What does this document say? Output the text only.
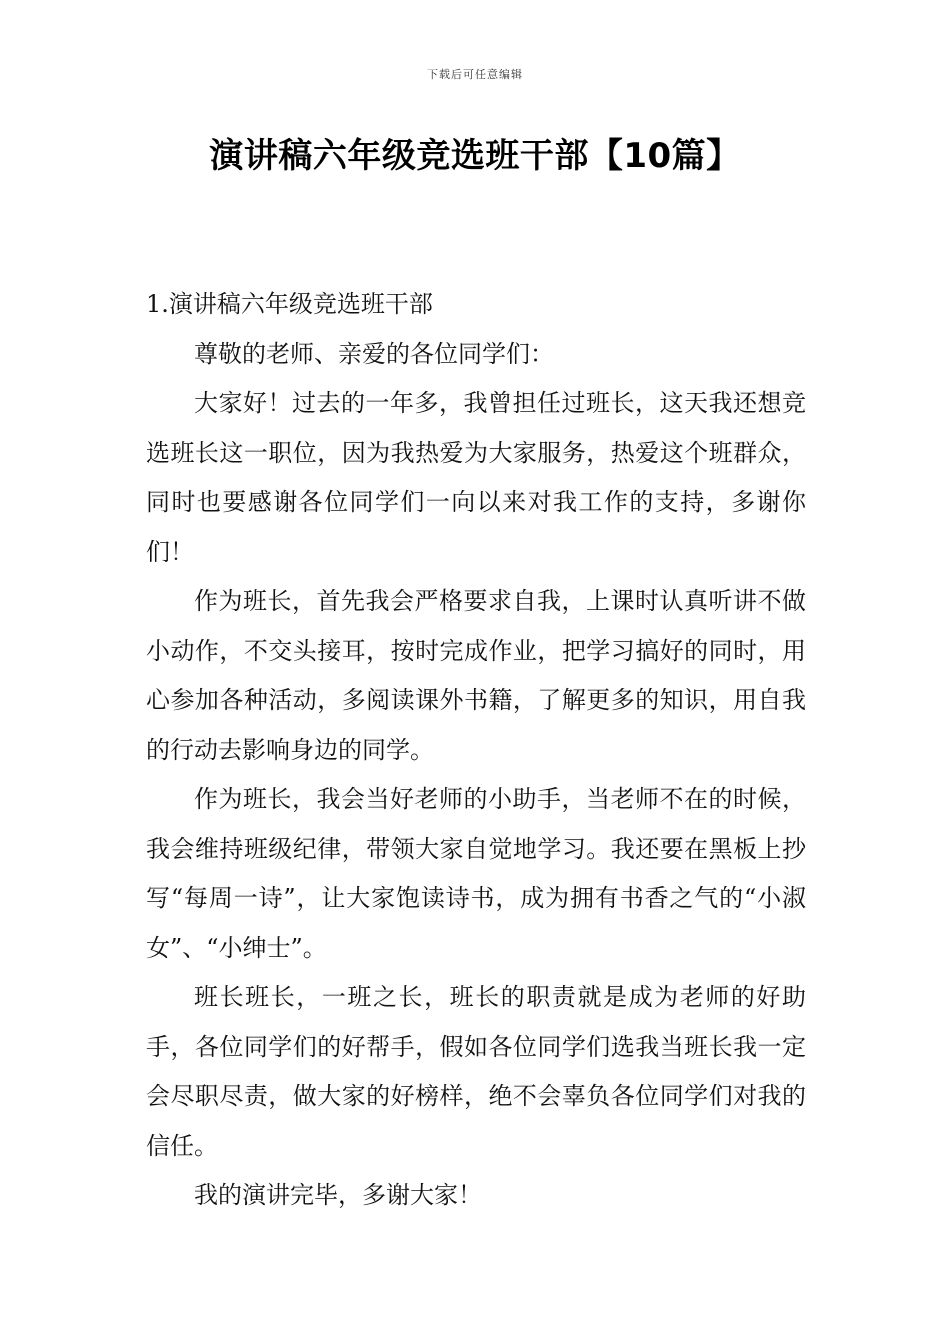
下载后可任意编辑
演讲稿六年级竞选班干部【10篇】

1.演讲稿六年级竞选班干部

尊敬的老师、亲爱的各位同学们：

大家好！过去的一年多，我曾担任过班长，这天我还想竞选班长这一职位，因为我热爱为大家服务，热爱这个班群众，同时也要感谢各位同学们一向以来对我工作的支持，多谢你们！

作为班长，首先我会严格要求自我，上课时认真听讲不做小动作，不交头接耳，按时完成作业，把学习搞好的同时，用心参加各种活动，多阅读课外书籍，了解更多的知识，用自我的行动去影响身边的同学。

作为班长，我会当好老师的小助手，当老师不在的时候，我会维持班级纪律，带领大家自觉地学习。我还要在黑板上抄写“每周一诗”，让大家饱读诗书，成为拥有书香之气的“小淑女”、“小绅士”。

班长班长，一班之长，班长的职责就是成为老师的好助手，各位同学们的好帮手，假如各位同学们选我当班长我一定会尽职尽责，做大家的好榜样，绝不会辜负各位同学们对我的信任。

我的演讲完毕，多谢大家！
